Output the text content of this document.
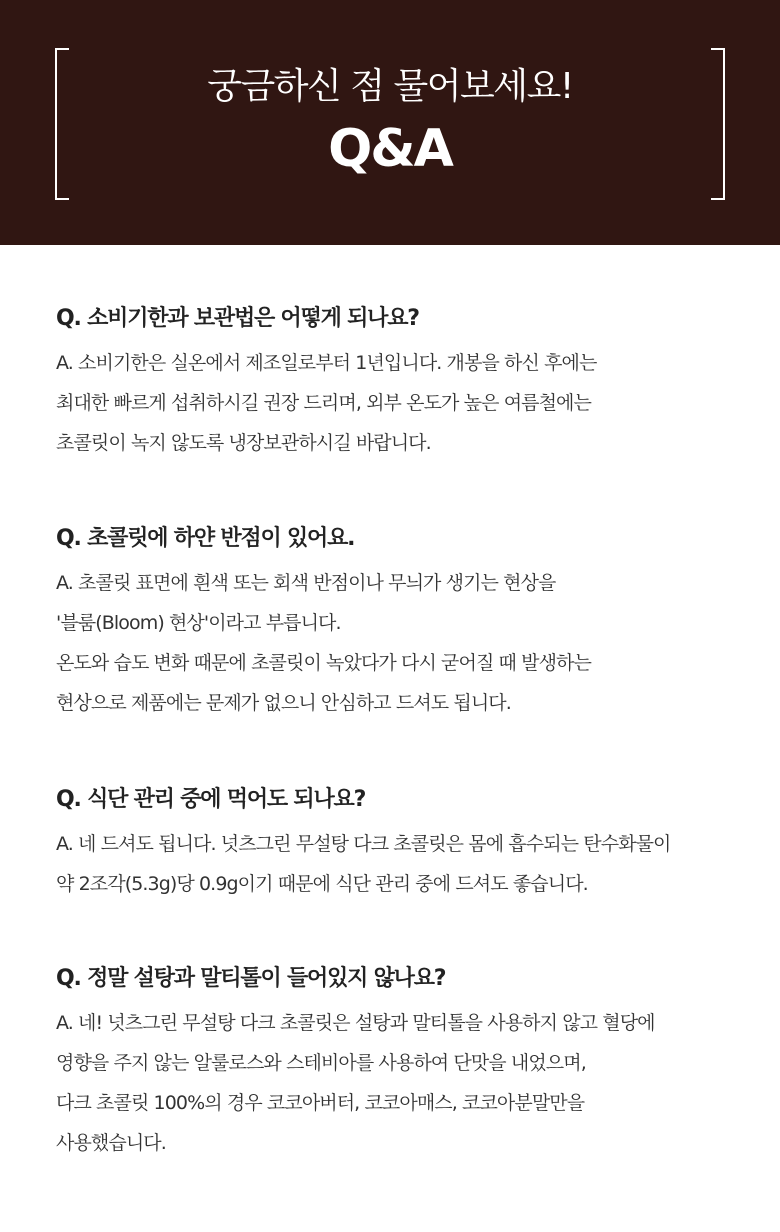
궁금하신 점 물어보세요!
Q&A
Q. 소비기한과 보관법은 어떻게 되나요?
A. 소비기한은 실온에서 제조일로부터 1년입니다. 개봉을 하신 후에는
최대한 빠르게 섭취하시길 권장 드리며, 외부 온도가 높은 여름철에는
초콜릿이 녹지 않도록 냉장보관하시길 바랍니다.
Q. 초콜릿에 하얀 반점이 있어요.
A. 초콜릿 표면에 흰색 또는 회색 반점이나 무늬가 생기는 현상을
'블룸(Bloom) 현상'이라고 부릅니다.
온도와 습도 변화 때문에 초콜릿이 녹았다가 다시 굳어질 때 발생하는
현상으로 제품에는 문제가 없으니 안심하고 드셔도 됩니다.
Q. 식단 관리 중에 먹어도 되나요?
A. 네 드셔도 됩니다. 넛츠그린 무설탕 다크 초콜릿은 몸에 흡수되는 탄수화물이
약 2조각(5.3g)당 0.9g이기 때문에 식단 관리 중에 드셔도 좋습니다.
Q. 정말 설탕과 말티톨이 들어있지 않나요?
A. 네! 넛츠그린 무설탕 다크 초콜릿은 설탕과 말티톨을 사용하지 않고 혈당에
영향을 주지 않는 알룰로스와 스테비아를 사용하여 단맛을 내었으며,
다크 초콜릿 100%의 경우 코코아버터, 코코아매스, 코코아분말만을
사용했습니다.
